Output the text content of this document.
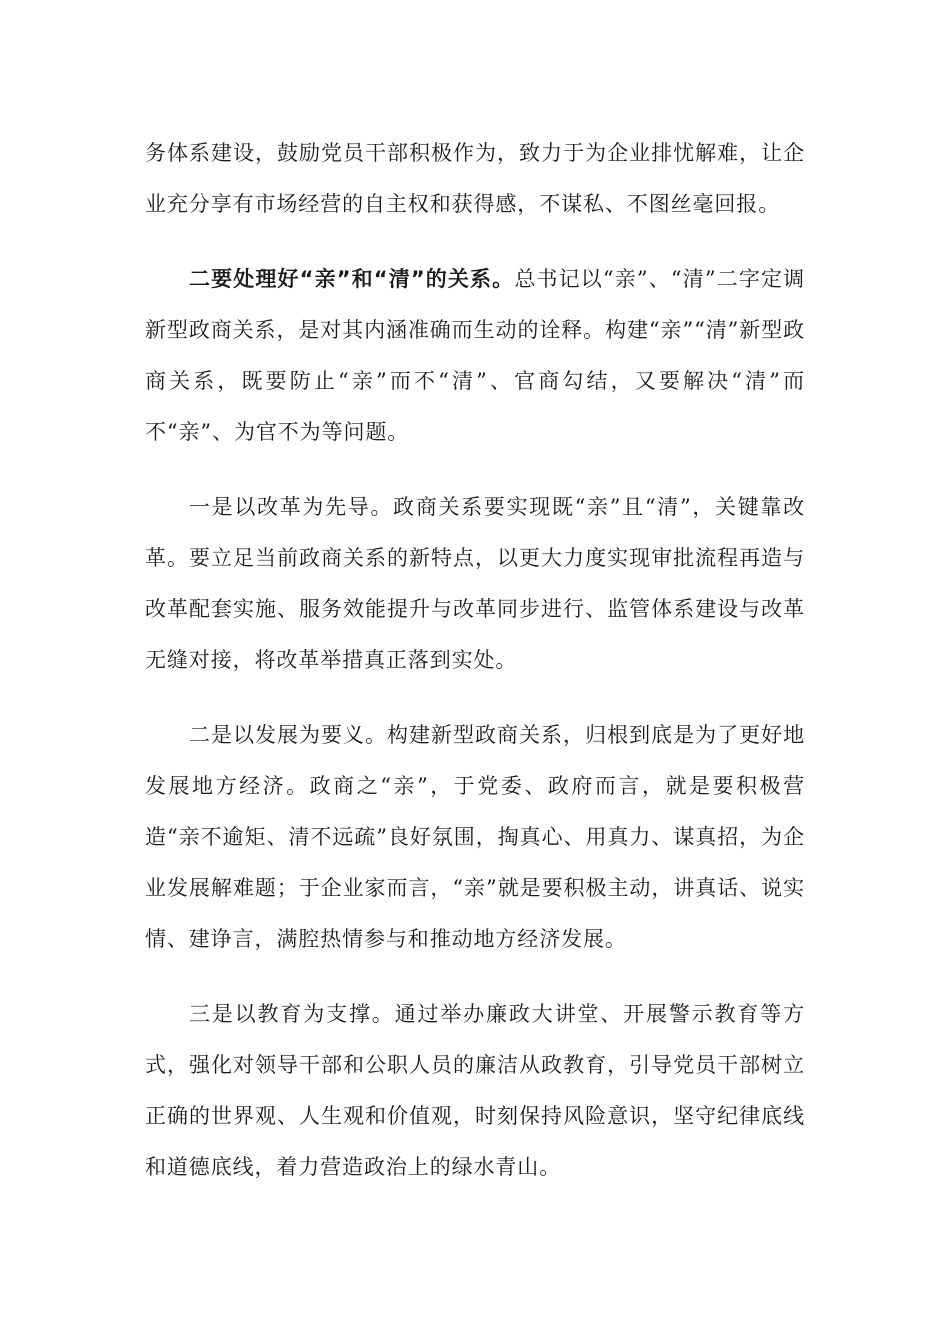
务体系建设，鼓励党员干部积极作为，致力于为企业排忧解难，让企业充分享有市场经营的自主权和获得感，不谋私、不图丝毫回报。

二要处理好“亲”和“清”的关系。总书记以“亲”、“清”二字定调新型政商关系，是对其内涵准确而生动的诠释。构建“亲”“清”新型政商关系，既要防止“亲”而不“清”、官商勾结，又要解决“清”而不“亲”、为官不为等问题。

一是以改革为先导。政商关系要实现既“亲”且“清”，关键靠改革。要立足当前政商关系的新特点，以更大力度实现审批流程再造与改革配套实施、服务效能提升与改革同步进行、监管体系建设与改革无缝对接，将改革举措真正落到实处。

二是以发展为要义。构建新型政商关系，归根到底是为了更好地发展地方经济。政商之“亲”，于党委、政府而言，就是要积极营造“亲不逾矩、清不远疏”良好氛围，掏真心、用真力、谋真招，为企业发展解难题；于企业家而言，“亲”就是要积极主动，讲真话、说实情、建诤言，满腔热情参与和推动地方经济发展。

三是以教育为支撑。通过举办廉政大讲堂、开展警示教育等方式，强化对领导干部和公职人员的廉洁从政教育，引导党员干部树立正确的世界观、人生观和价值观，时刻保持风险意识，坚守纪律底线和道德底线，着力营造政治上的绿水青山。
